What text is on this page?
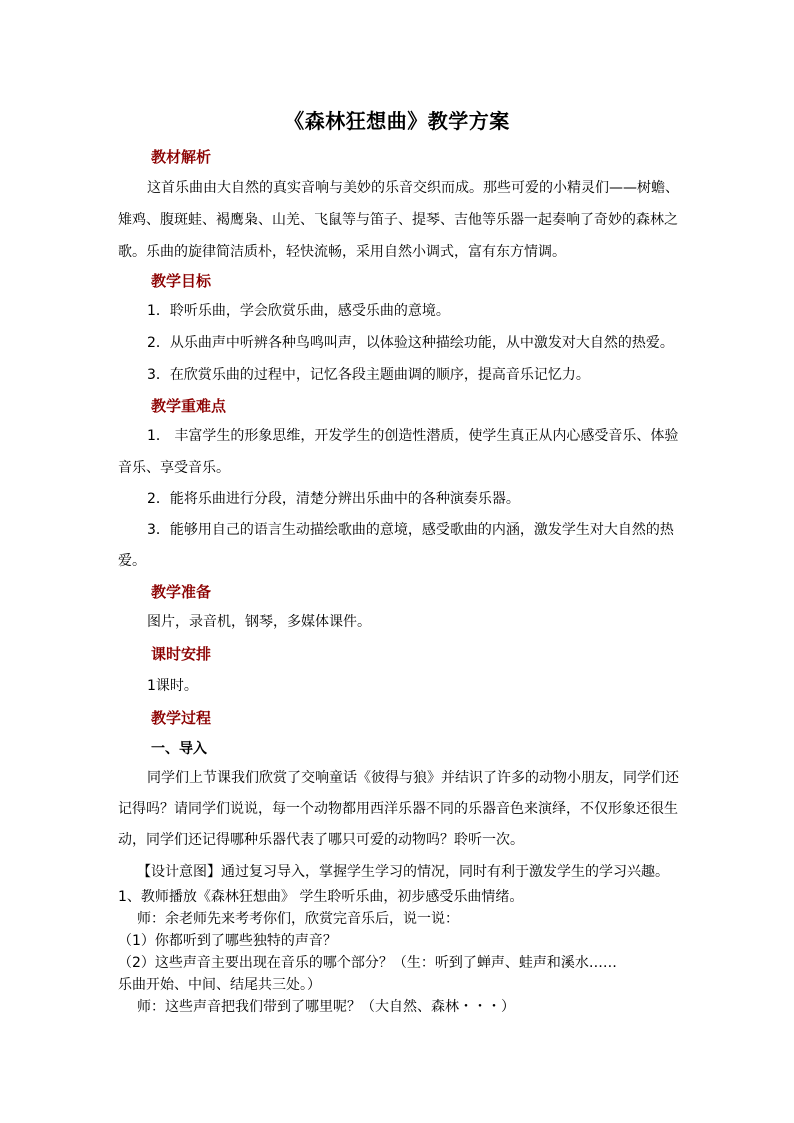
《森林狂想曲》教学方案
教材解析
这首乐曲由大自然的真实音响与美妙的乐音交织而成。那些可爱的小精灵们——树蟾、
雉鸡、腹斑蛙、褐鹰枭、山羌、飞鼠等与笛子、提琴、吉他等乐器一起奏响了奇妙的森林之
歌。乐曲的旋律简洁质朴，轻快流畅，采用自然小调式，富有东方情调。
教学目标
1．聆听乐曲，学会欣赏乐曲，感受乐曲的意境。
2．从乐曲声中听辨各种鸟鸣叫声，以体验这种描绘功能，从中激发对大自然的热爱。
3．在欣赏乐曲的过程中，记忆各段主题曲调的顺序，提高音乐记忆力。
教学重难点
1． 丰富学生的形象思维，开发学生的创造性潜质，使学生真正从内心感受音乐、体验
音乐、享受音乐。
2．能将乐曲进行分段，清楚分辨出乐曲中的各种演奏乐器。
3．能够用自己的语言生动描绘歌曲的意境，感受歌曲的内涵，激发学生对大自然的热
爱。
教学准备
图片，录音机，钢琴，多媒体课件。
课时安排
1课时。
教学过程
一、导入
同学们上节课我们欣赏了交响童话《彼得与狼》并结识了许多的动物小朋友，同学们还
记得吗？请同学们说说，每一个动物都用西洋乐器不同的乐器音色来演绎，不仅形象还很生
动，同学们还记得哪种乐器代表了哪只可爱的动物吗？聆听一次。
【设计意图】通过复习导入，掌握学生学习的情况，同时有利于激发学生的学习兴趣。
1、教师播放《森林狂想曲》 学生聆听乐曲，初步感受乐曲情绪。
师：余老师先来考考你们，欣赏完音乐后，说一说：
（1）你都听到了哪些独特的声音？
（2）这些声音主要出现在音乐的哪个部分？（生：听到了蝉声、蛙声和溪水……
乐曲开始、中间、结尾共三处。）
师：这些声音把我们带到了哪里呢？（大自然、森林・・・）
